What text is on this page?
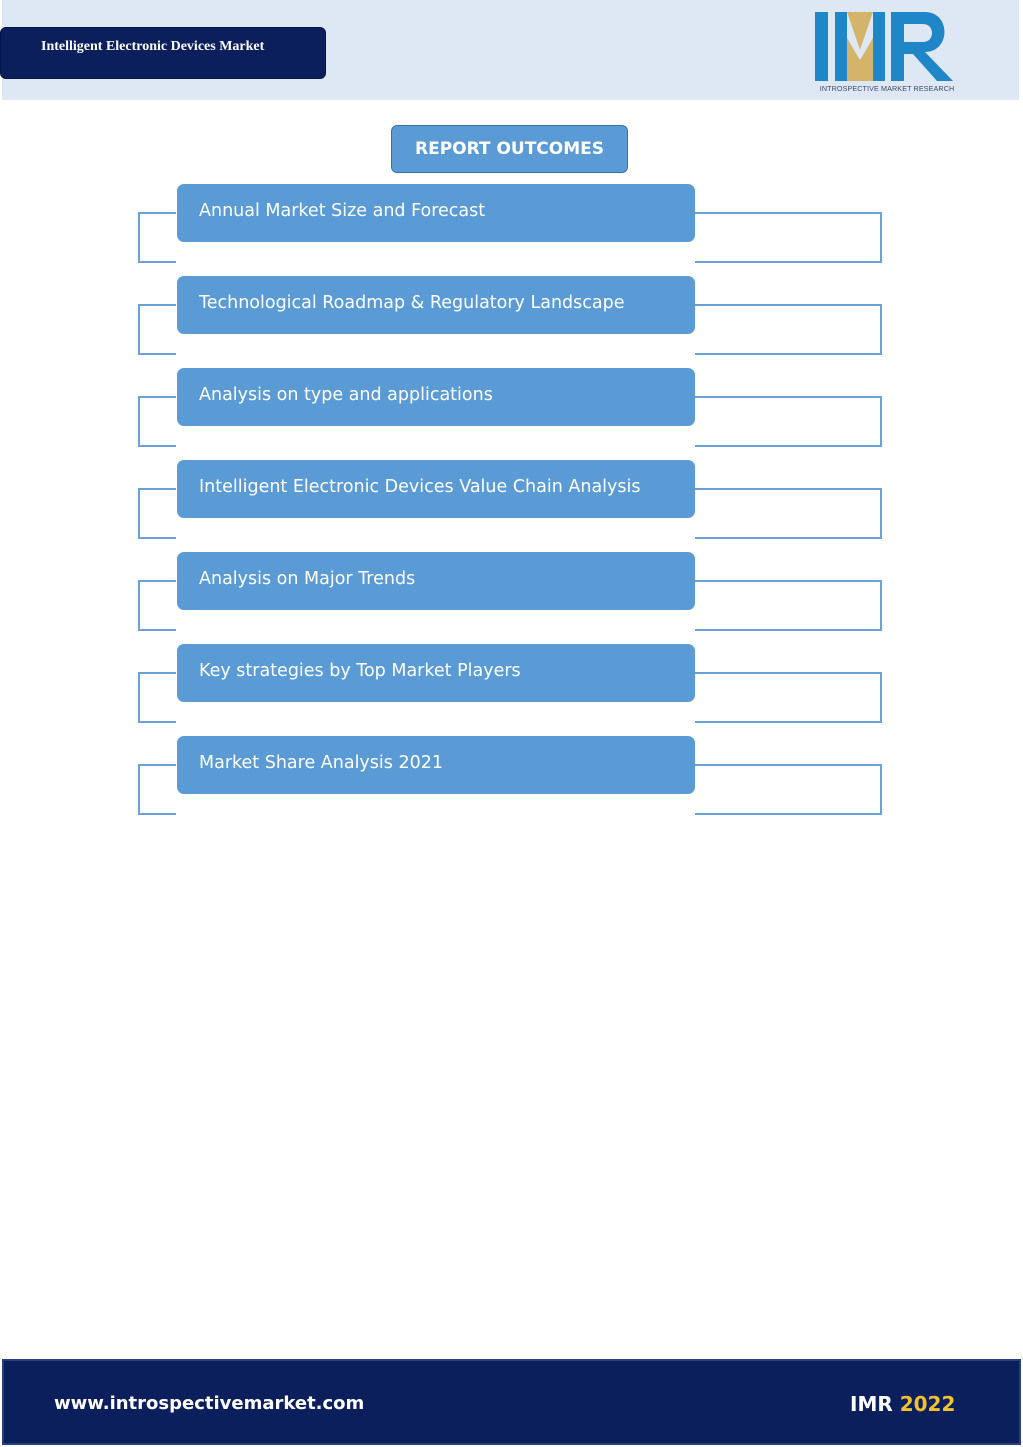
Intelligent Electronic Devices Market
INTROSPECTIVE MARKET RESEARCH
REPORT OUTCOMES
Annual Market Size and Forecast
Technological Roadmap & Regulatory Landscape
Analysis on type and applications
Intelligent Electronic Devices Value Chain Analysis
Analysis on Major Trends
Key strategies by Top Market Players
Market Share Analysis 2021
www.introspectivemarket.com	IMR 2022
